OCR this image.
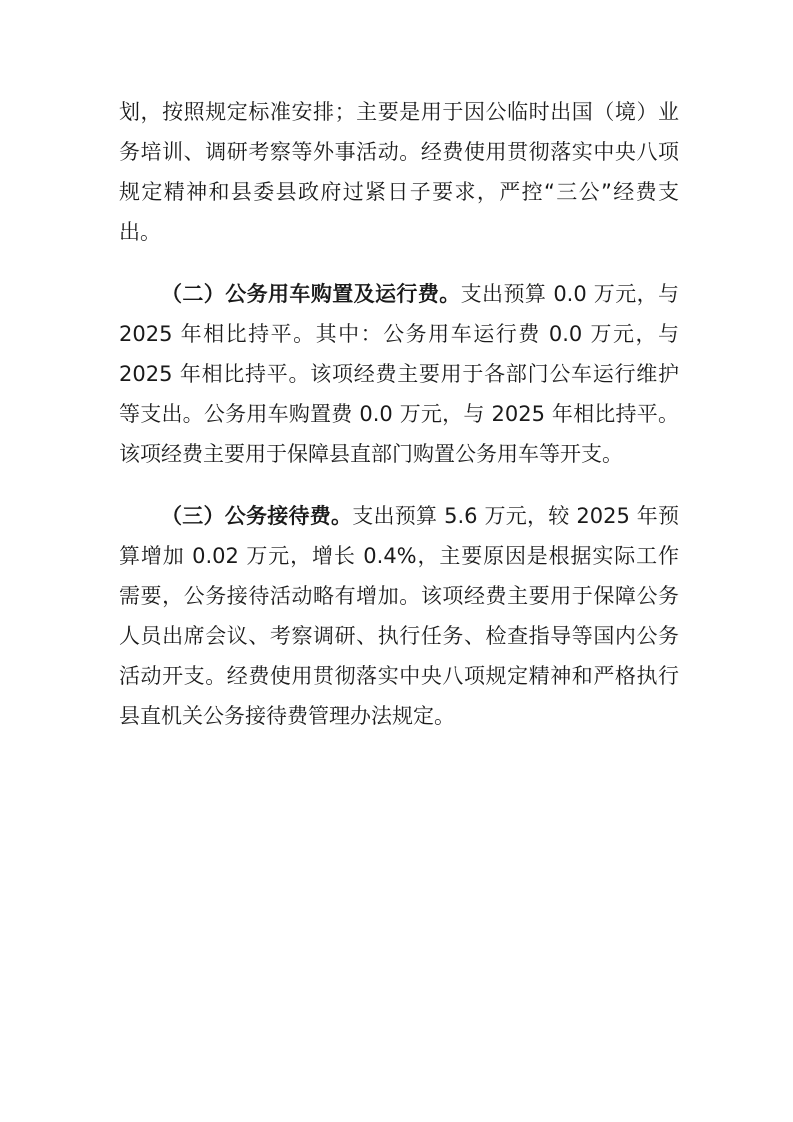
划，按照规定标准安排；主要是用于因公临时出国（境）业务培训、调研考察等外事活动。经费使用贯彻落实中央八项规定精神和县委县政府过紧日子要求，严控“三公”经费支出。

（二）公务用车购置及运行费。支出预算 0.0 万元，与 2025 年相比持平。其中：公务用车运行费 0.0 万元，与 2025 年相比持平。该项经费主要用于各部门公车运行维护等支出。公务用车购置费 0.0 万元，与 2025 年相比持平。该项经费主要用于保障县直部门购置公务用车等开支。

（三）公务接待费。支出预算 5.6 万元，较 2025 年预算增加 0.02 万元，增长 0.4%，主要原因是根据实际工作需要，公务接待活动略有增加。该项经费主要用于保障公务人员出席会议、考察调研、执行任务、检查指导等国内公务活动开支。经费使用贯彻落实中央八项规定精神和严格执行县直机关公务接待费管理办法规定。
